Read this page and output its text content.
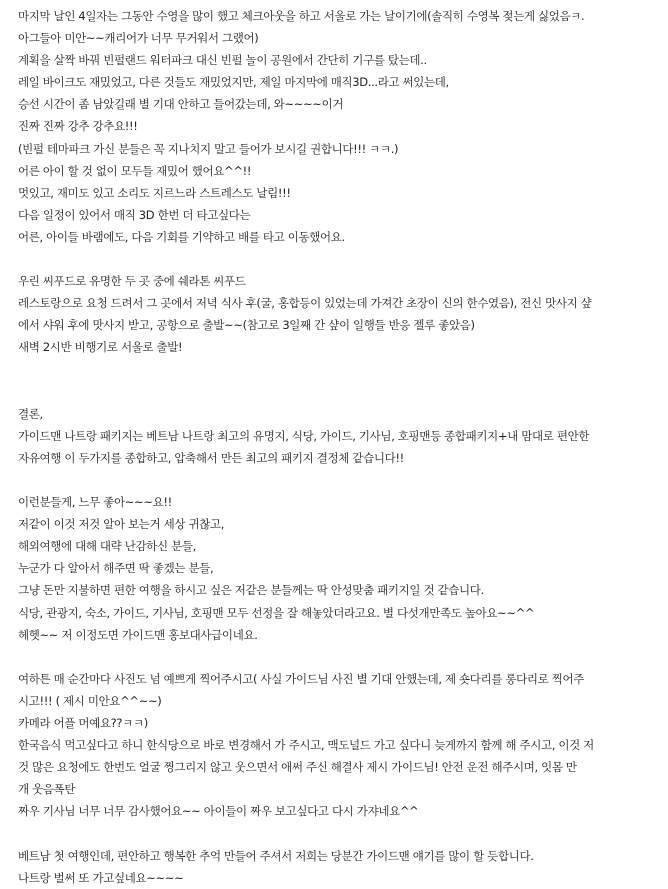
마지막 날인 4일자는 그동안 수영을 많이 했고 체크아웃을 하고 서울로 가는 날이기에(솔직히 수영복 젖는게 싫었음ㅋ.
아그들아 미안~~캐리어가 너무 무거워서 그랬어)
계획을 살짝 바꿔 빈펄랜드 워터파크 대신 빈펄 놀이 공원에서 간단히 기구를 탔는데..
레일 바이크도 재밌었고, 다른 것들도 재밌었지만, 제일 마지막에 매직3D...라고 써있는데,
승선 시간이 좀 남았길래 별 기대 안하고 들어갔는데, 와~~~~이거
진짜 진짜 강추 강추요!!!
(빈펄 테마파크 가신 분들은 꼭 지나치지 말고 들어가 보시길 권합니다!!! ㅋㅋ.)
어른 아이 할 것 없이 모두들 재밌어 했어요^^!!
멋있고, 재미도 있고 소리도 지르느라 스트레스도 날림!!!
다음 일정이 있어서 매직 3D 한번 더 타고싶다는
어른, 아이들 바램에도, 다음 기회를 기약하고 배를 타고 이동했어요.
우린 씨푸드로 유명한 두 곳 중에 쉐라톤 씨푸드
레스토랑으로 요청 드려서 그 곳에서 저녁 식사 후(굴, 홍합등이 있었는데 가져간 초장이 신의 한수였음), 전신 맛사지 샾
에서 샤워 후에 맛사지 받고, 공항으로 출발~~(참고로 3일째 간 샾이 일행들 반응 젤루 좋았음)
새벽 2시반 비행기로 서울로 출발!
결론,
가이드맨 나트랑 패키지는 베트남 나트랑 최고의 유명지, 식당, 가이드, 기사님, 호핑맨등 종합패키지+내 맘대로 편안한
자유여행 이 두가지를 종합하고, 압축해서 만든 최고의 패키지 결정체 같습니다!!
이런분들게, 느무 좋아~~~요!!
저같이 이것 저것 알아 보는거 세상 귀찮고,
해외여행에 대해 대략 난감하신 분들,
누군가 다 알아서 해주면 딱 좋겠는 분들,
그냥 돈만 지불하면 편한 여행을 하시고 싶은 저같은 분들께는 딱 안성맞춤 패키지일 것 같습니다.
식당, 관광지, 숙소, 가이드, 기사님, 호핑맨 모두 선정을 잘 해놓았더라고요. 별 다섯개만족도 높아요~~^^
헤헷~~ 저 이정도면 가이드맨 홍보대사급이네요.
여하튼 매 순간마다 사진도 넘 예쁘게 찍어주시고( 사실 가이드님 사진 별 기대 안했는데, 제 숏다리를 롱다리로 찍어주
시고!!! ( 제시 미안요^^~~)
카메라 어플 머예요??ㅋㅋ)
한국음식 먹고싶다고 하니 한식당으로 바로 변경해서 가 주시고, 맥도널드 가고 싶다니 늦게까지 함께 해 주시고, 이것 저
것 많은 요청에도 한번도 얼굴 찡그리지 않고 웃으면서 애써 주신 해결사 제시 가이드님! 안전 운전 해주시며, 잇몸 만
개 웃음폭탄
짜우 기사님 너무 너무 감사했어요~~ 아이들이 짜우 보고싶다고 다시 가쟈네요^^
베트남 첫 여행인데, 편안하고 행복한 추억 만들어 주셔서 저희는 당분간 가이드맨 얘기를 많이 할 듯합니다.
나트랑 벌써 또 가고싶네요~~~~
